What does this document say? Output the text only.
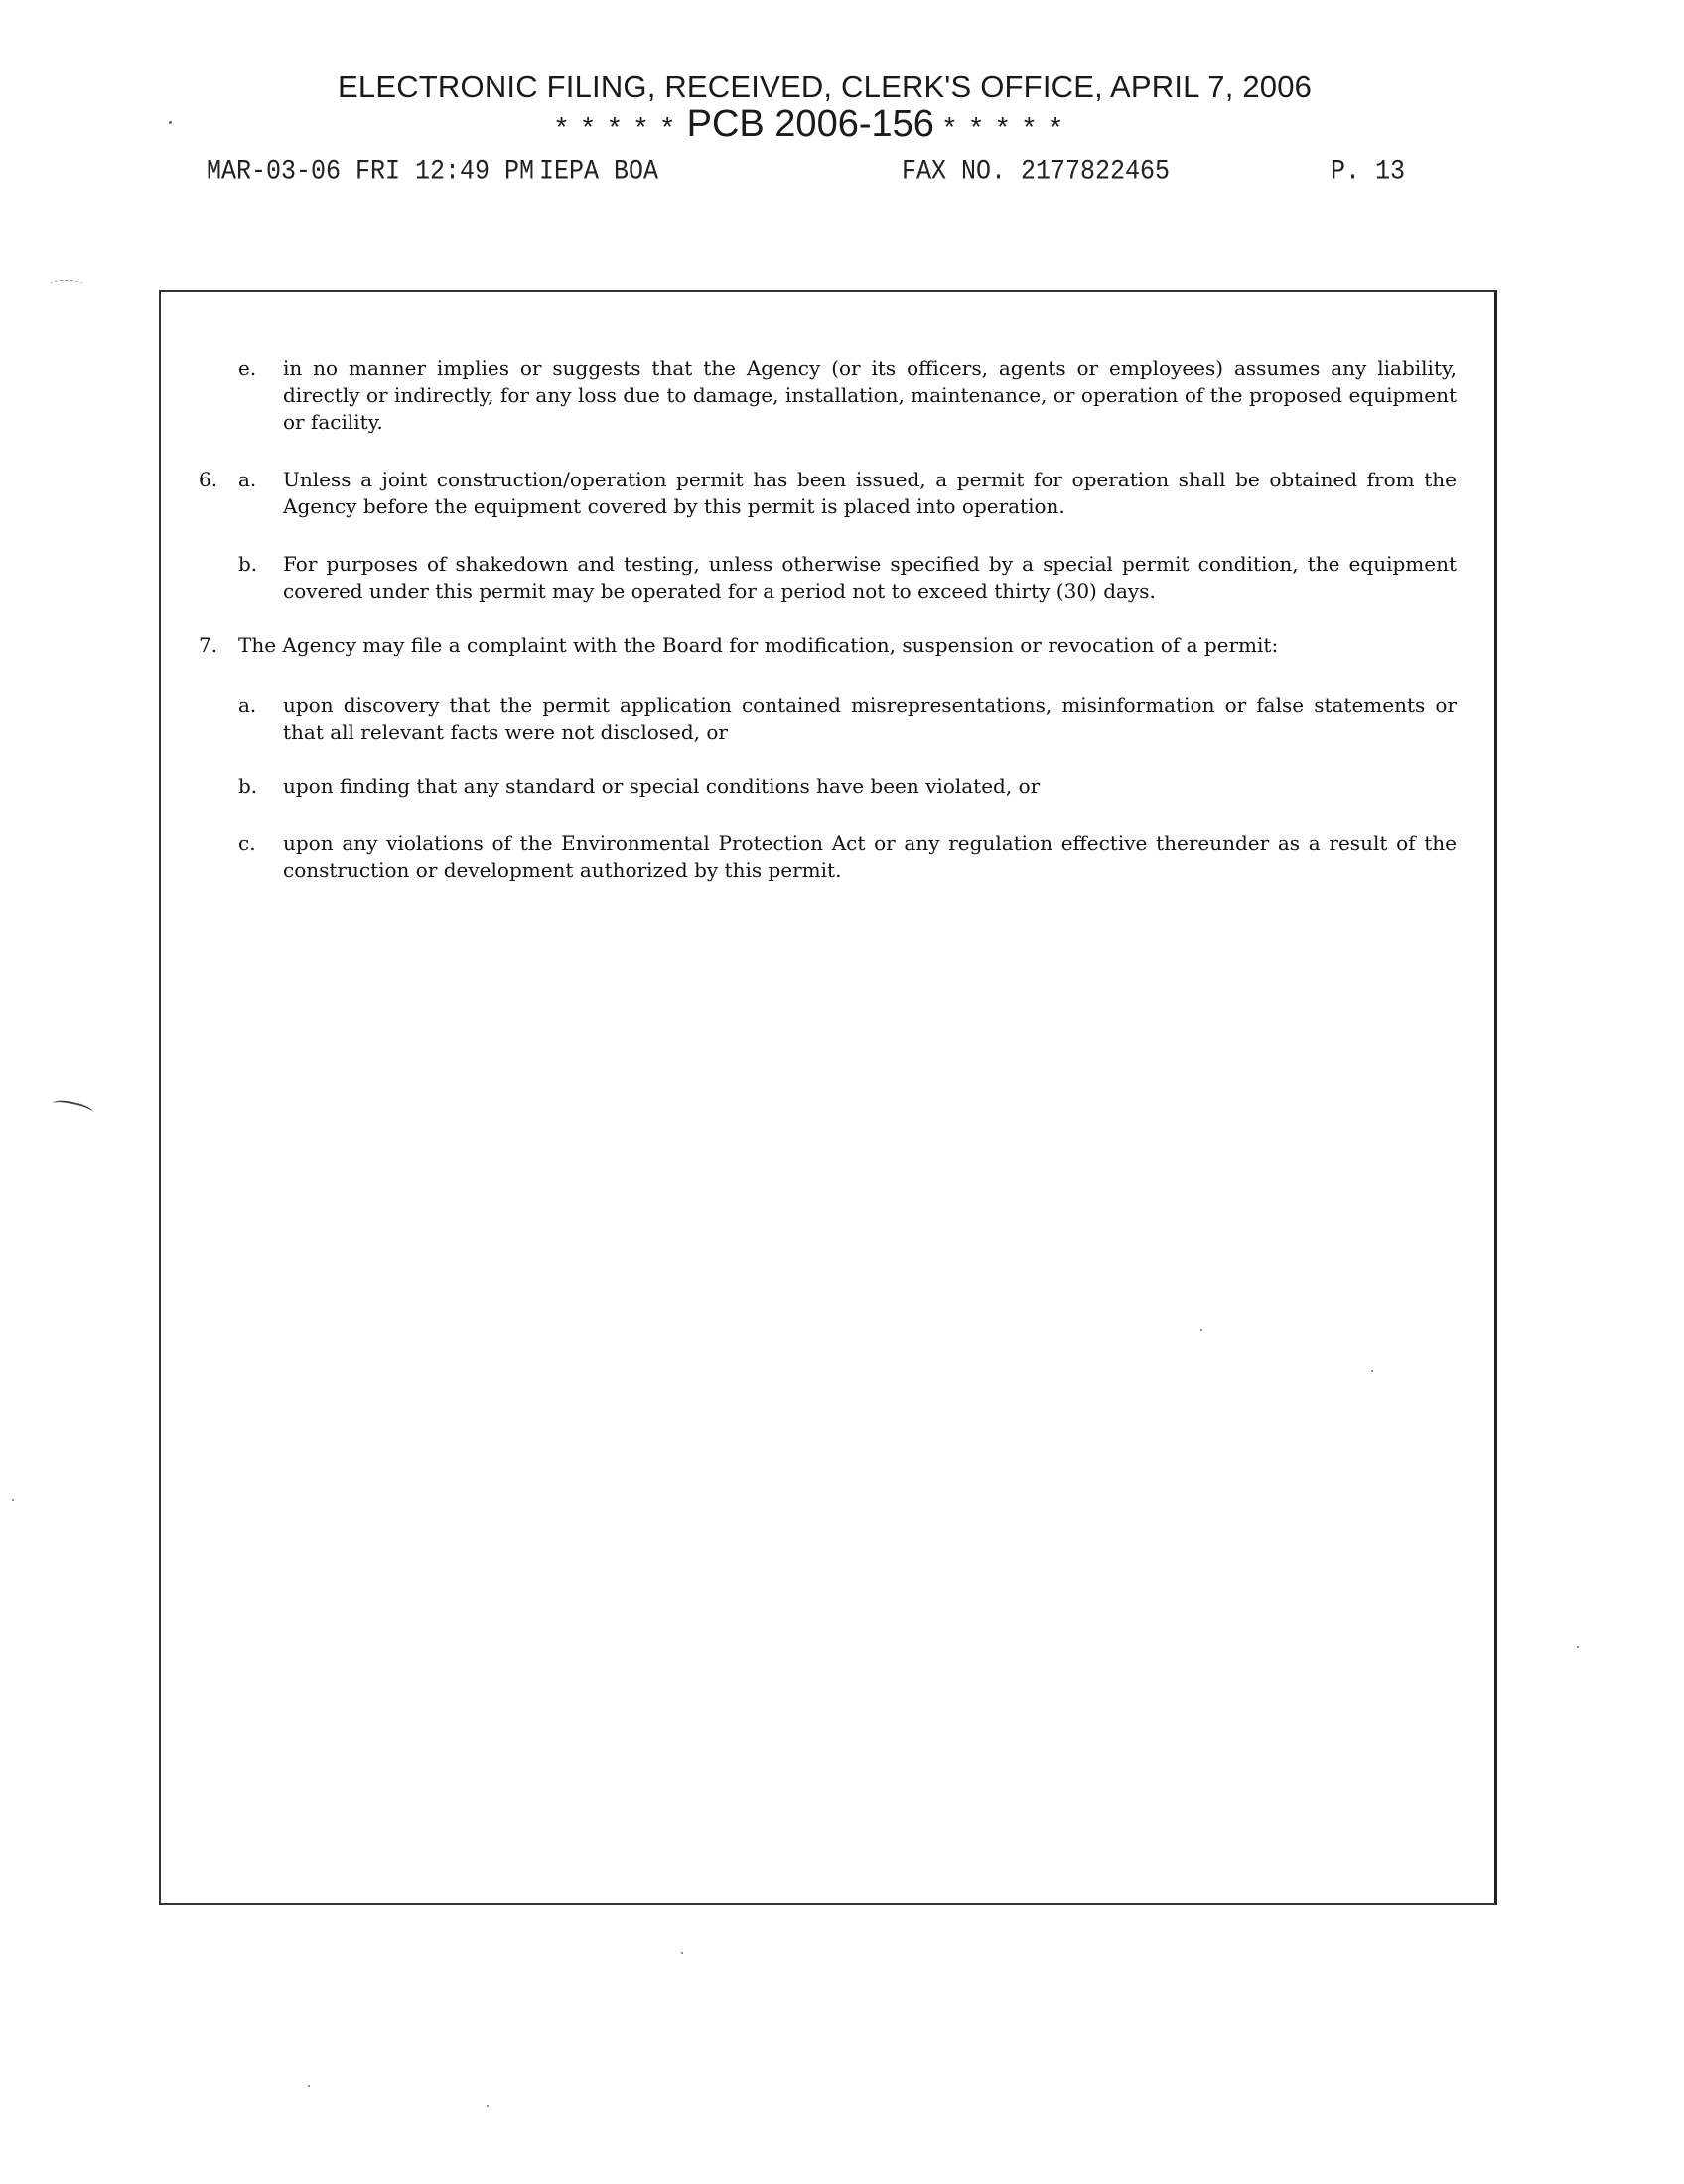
ELECTRONIC FILING, RECEIVED, CLERK'S OFFICE, APRIL 7, 2006
* * * * * PCB 2006-156 * * * * *
MAR-03-06 FRI 12:49 PM IEPA BOA	FAX NO. 2177822465	P. 13
e. in no manner implies or suggests that the Agency (or its officers, agents or employees) assumes any liability, directly or indirectly, for any loss due to damage, installation, maintenance, or operation of the proposed equipment or facility.
6. a. Unless a joint construction/operation permit has been issued, a permit for operation shall be obtained from the Agency before the equipment covered by this permit is placed into operation.
b. For purposes of shakedown and testing, unless otherwise specified by a special permit condition, the equipment covered under this permit may be operated for a period not to exceed thirty (30) days.
7. The Agency may file a complaint with the Board for modification, suspension or revocation of a permit:
a. upon discovery that the permit application contained misrepresentations, misinformation or false statements or that all relevant facts were not disclosed, or
b. upon finding that any standard or special conditions have been violated, or
c. upon any violations of the Environmental Protection Act or any regulation effective thereunder as a result of the construction or development authorized by this permit.
